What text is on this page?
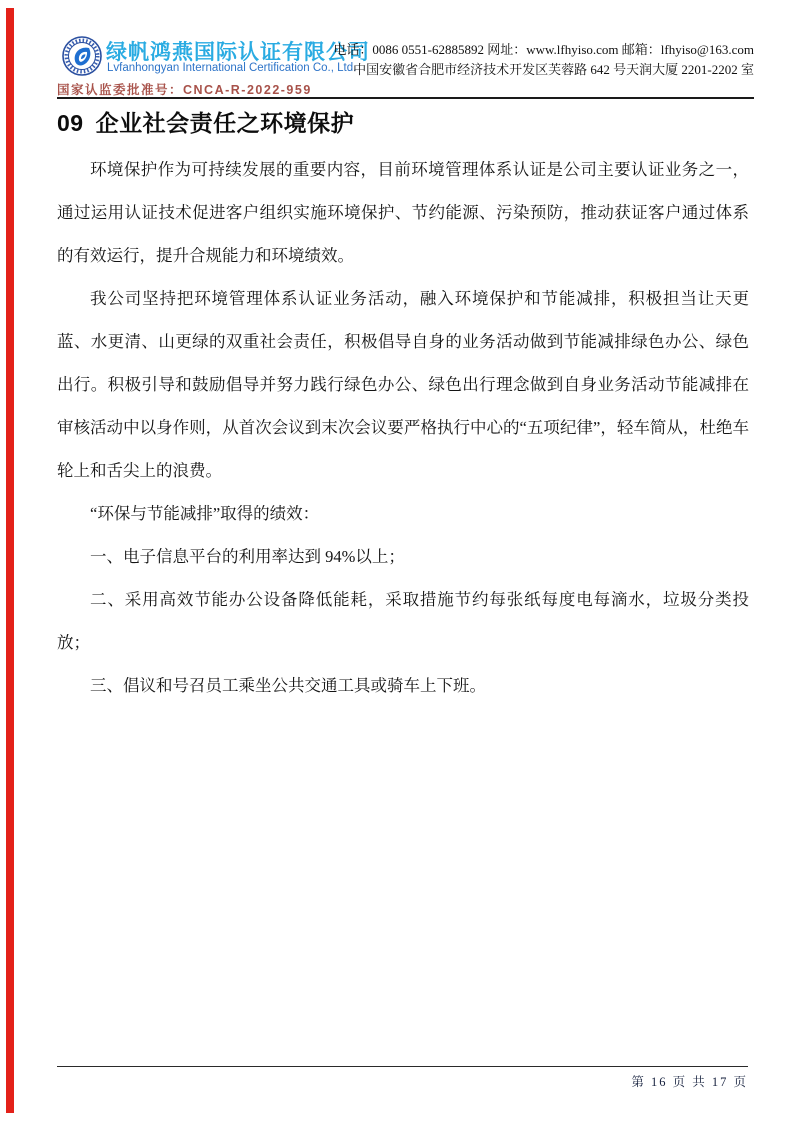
绿帆鸿燕国际认证有限公司
Lvfanhongyan International Certification Co., Ltd.
国家认监委批准号：CNCA-R-2022-959
电话：0086 0551-62885892 网址：www.lfhyiso.com 邮箱：lfhyiso@163.com
中国安徽省合肥市经济技术开发区芙蓉路 642 号天润大厦 2201-2202 室
09 企业社会责任之环境保护

环境保护作为可持续发展的重要内容，目前环境管理体系认证是公司主要认证业务之一，通过运用认证技术促进客户组织实施环境保护、节约能源、污染预防，推动获证客户通过体系的有效运行，提升合规能力和环境绩效。

我公司坚持把环境管理体系认证业务活动，融入环境保护和节能减排，积极担当让天更蓝、水更清、山更绿的双重社会责任，积极倡导自身的业务活动做到节能减排绿色办公、绿色出行。积极引导和鼓励倡导并努力践行绿色办公、绿色出行理念做到自身业务活动节能减排在审核活动中以身作则，从首次会议到末次会议要严格执行中心的“五项纪律”，轻车简从，杜绝车轮上和舌尖上的浪费。

“环保与节能减排”取得的绩效：

一、电子信息平台的利用率达到 94%以上；

二、采用高效节能办公设备降低能耗，采取措施节约每张纸每度电每滴水，垃圾分类投放；

三、倡议和号召员工乘坐公共交通工具或骑车上下班。

第 16 页 共 17 页
